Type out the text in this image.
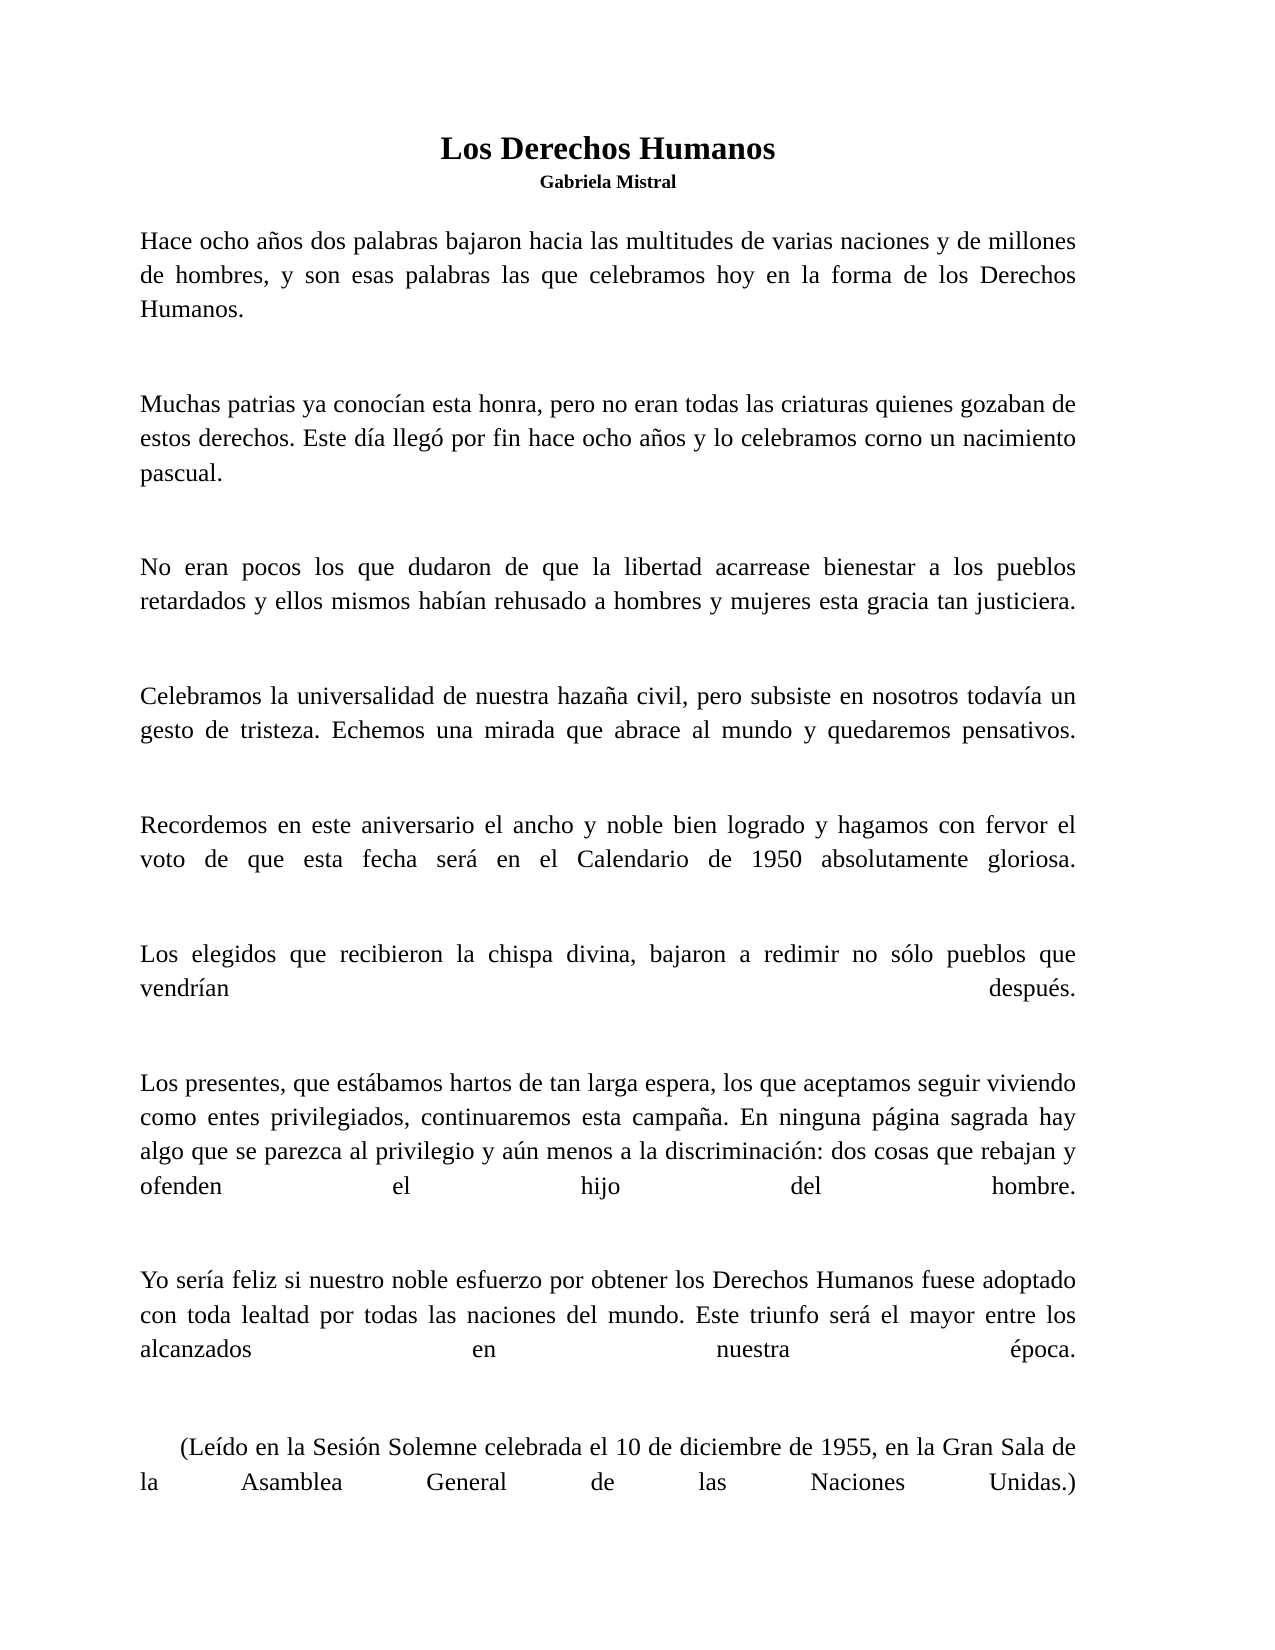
Los Derechos Humanos
Gabriela Mistral

Hace ocho años dos palabras bajaron hacia las multitudes de varias naciones y de millones de hombres, y son esas palabras las que celebramos hoy en la forma de los Derechos Humanos.

Muchas patrias ya conocían esta honra, pero no eran todas las criaturas quienes gozaban de estos derechos. Este día llegó por fin hace ocho años y lo celebramos corno un nacimiento pascual.

No eran pocos los que dudaron de que la libertad acarrease bienestar a los pueblos retardados y ellos mismos habían rehusado a hombres y mujeres esta gracia tan justiciera.

Celebramos la universalidad de nuestra hazaña civil, pero subsiste en nosotros todavía un gesto de tristeza. Echemos una mirada que abrace al mundo y quedaremos pensativos.

Recordemos en este aniversario el ancho y noble bien logrado y hagamos con fervor el voto de que esta fecha será en el Calendario de 1950 absolutamente gloriosa.

Los elegidos que recibieron la chispa divina, bajaron a redimir no sólo pueblos que vendrían después.

Los presentes, que estábamos hartos de tan larga espera, los que aceptamos seguir viviendo como entes privilegiados, continuaremos esta campaña. En ninguna página sagrada hay algo que se parezca al privilegio y aún menos a la discriminación: dos cosas que rebajan y ofenden el hijo del hombre.

Yo sería feliz si nuestro noble esfuerzo por obtener los Derechos Humanos fuese adoptado con toda lealtad por todas las naciones del mundo. Este triunfo será el mayor entre los alcanzados en nuestra época.

(Leído en la Sesión Solemne celebrada el 10 de diciembre de 1955, en la Gran Sala de la Asamblea General de las Naciones Unidas.)
